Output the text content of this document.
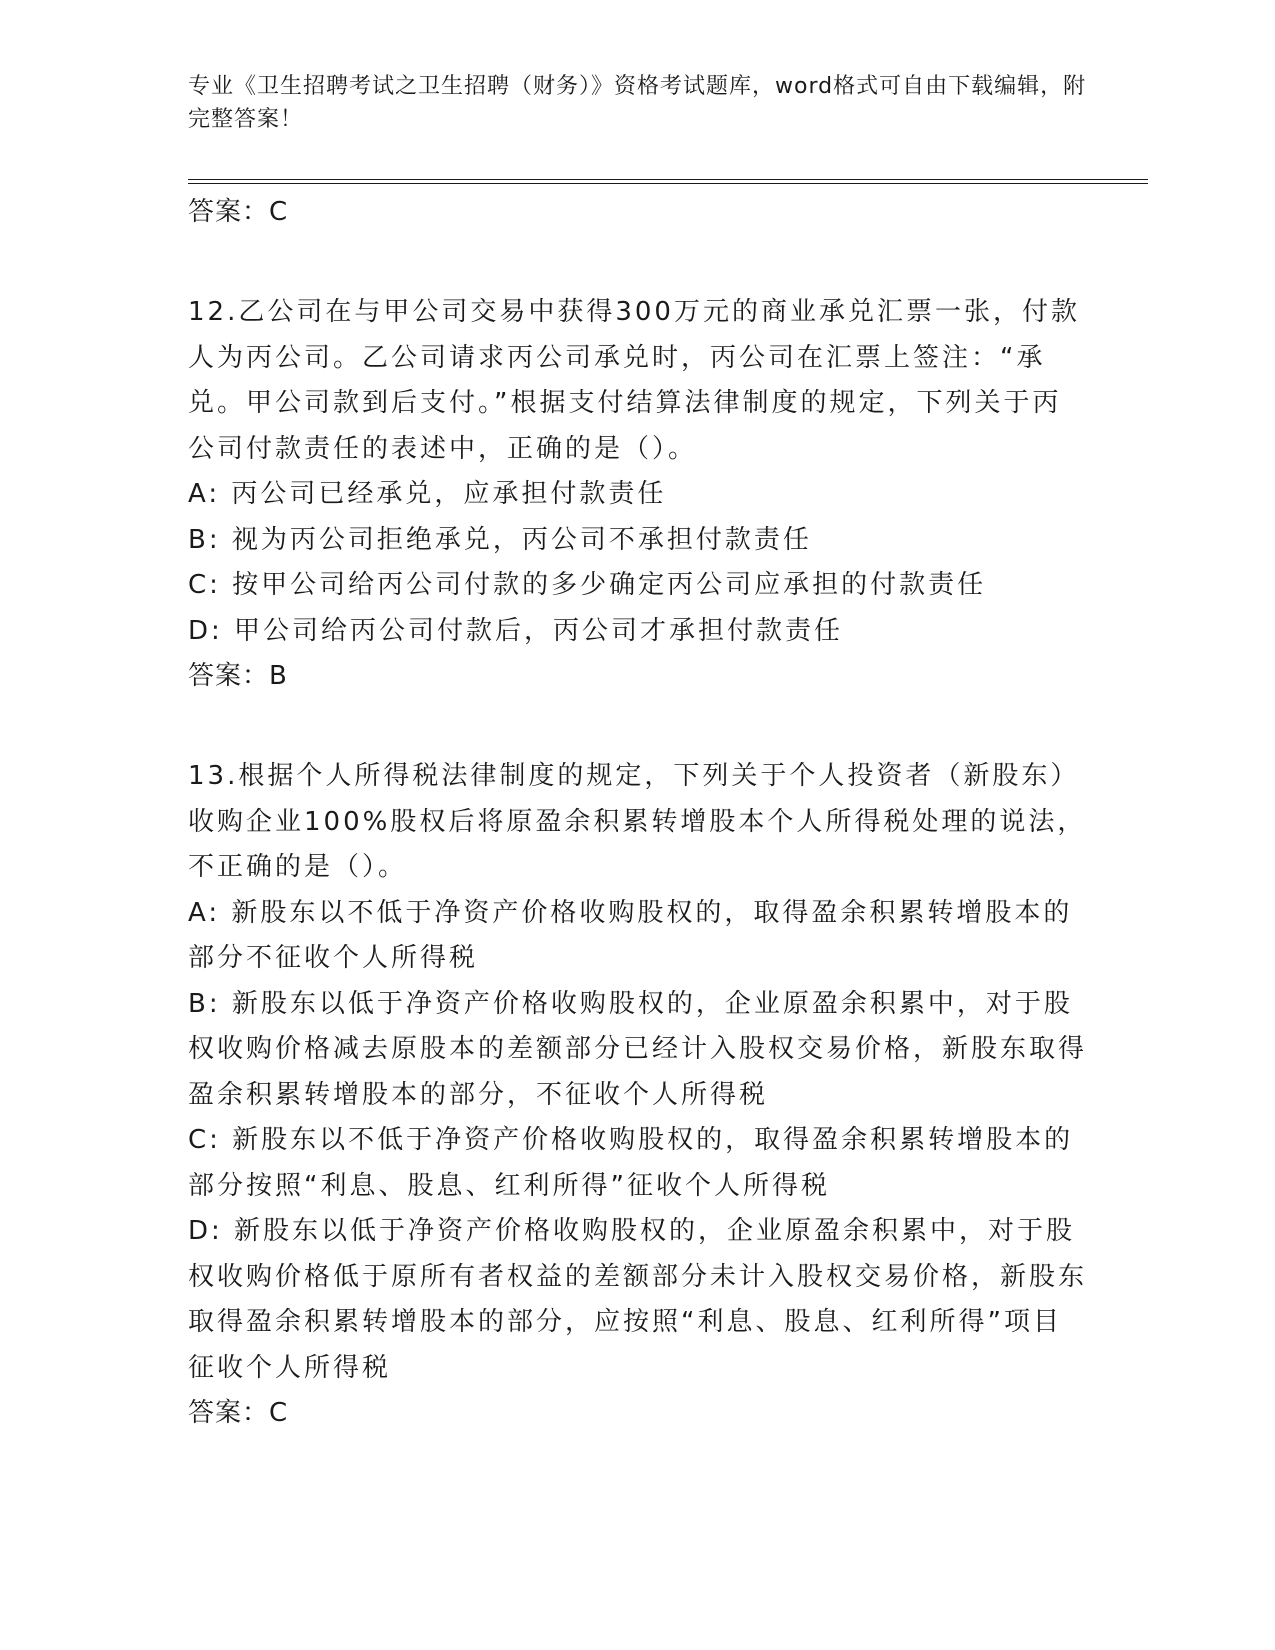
专业《卫生招聘考试之卫生招聘（财务）》资格考试题库，word格式可自由下载编辑，附完整答案！

答案：C

12.乙公司在与甲公司交易中获得300万元的商业承兑汇票一张，付款人为丙公司。乙公司请求丙公司承兑时，丙公司在汇票上签注：“承兑。甲公司款到后支付。”根据支付结算法律制度的规定，下列关于丙公司付款责任的表述中，正确的是（）。

A: 丙公司已经承兑，应承担付款责任

B: 视为丙公司拒绝承兑，丙公司不承担付款责任

C: 按甲公司给丙公司付款的多少确定丙公司应承担的付款责任

D: 甲公司给丙公司付款后，丙公司才承担付款责任

答案：B

13.根据个人所得税法律制度的规定，下列关于个人投资者（新股东）收购企业100%股权后将原盈余积累转增股本个人所得税处理的说法，不正确的是（）。

A: 新股东以不低于净资产价格收购股权的，取得盈余积累转增股本的部分不征收个人所得税

B: 新股东以低于净资产价格收购股权的，企业原盈余积累中，对于股权收购价格减去原股本的差额部分已经计入股权交易价格，新股东取得盈余积累转增股本的部分，不征收个人所得税

C: 新股东以不低于净资产价格收购股权的，取得盈余积累转增股本的部分按照“利息、股息、红利所得”征收个人所得税

D: 新股东以低于净资产价格收购股权的，企业原盈余积累中，对于股权收购价格低于原所有者权益的差额部分未计入股权交易价格，新股东取得盈余积累转增股本的部分，应按照“利息、股息、红利所得”项目征收个人所得税

答案：C
